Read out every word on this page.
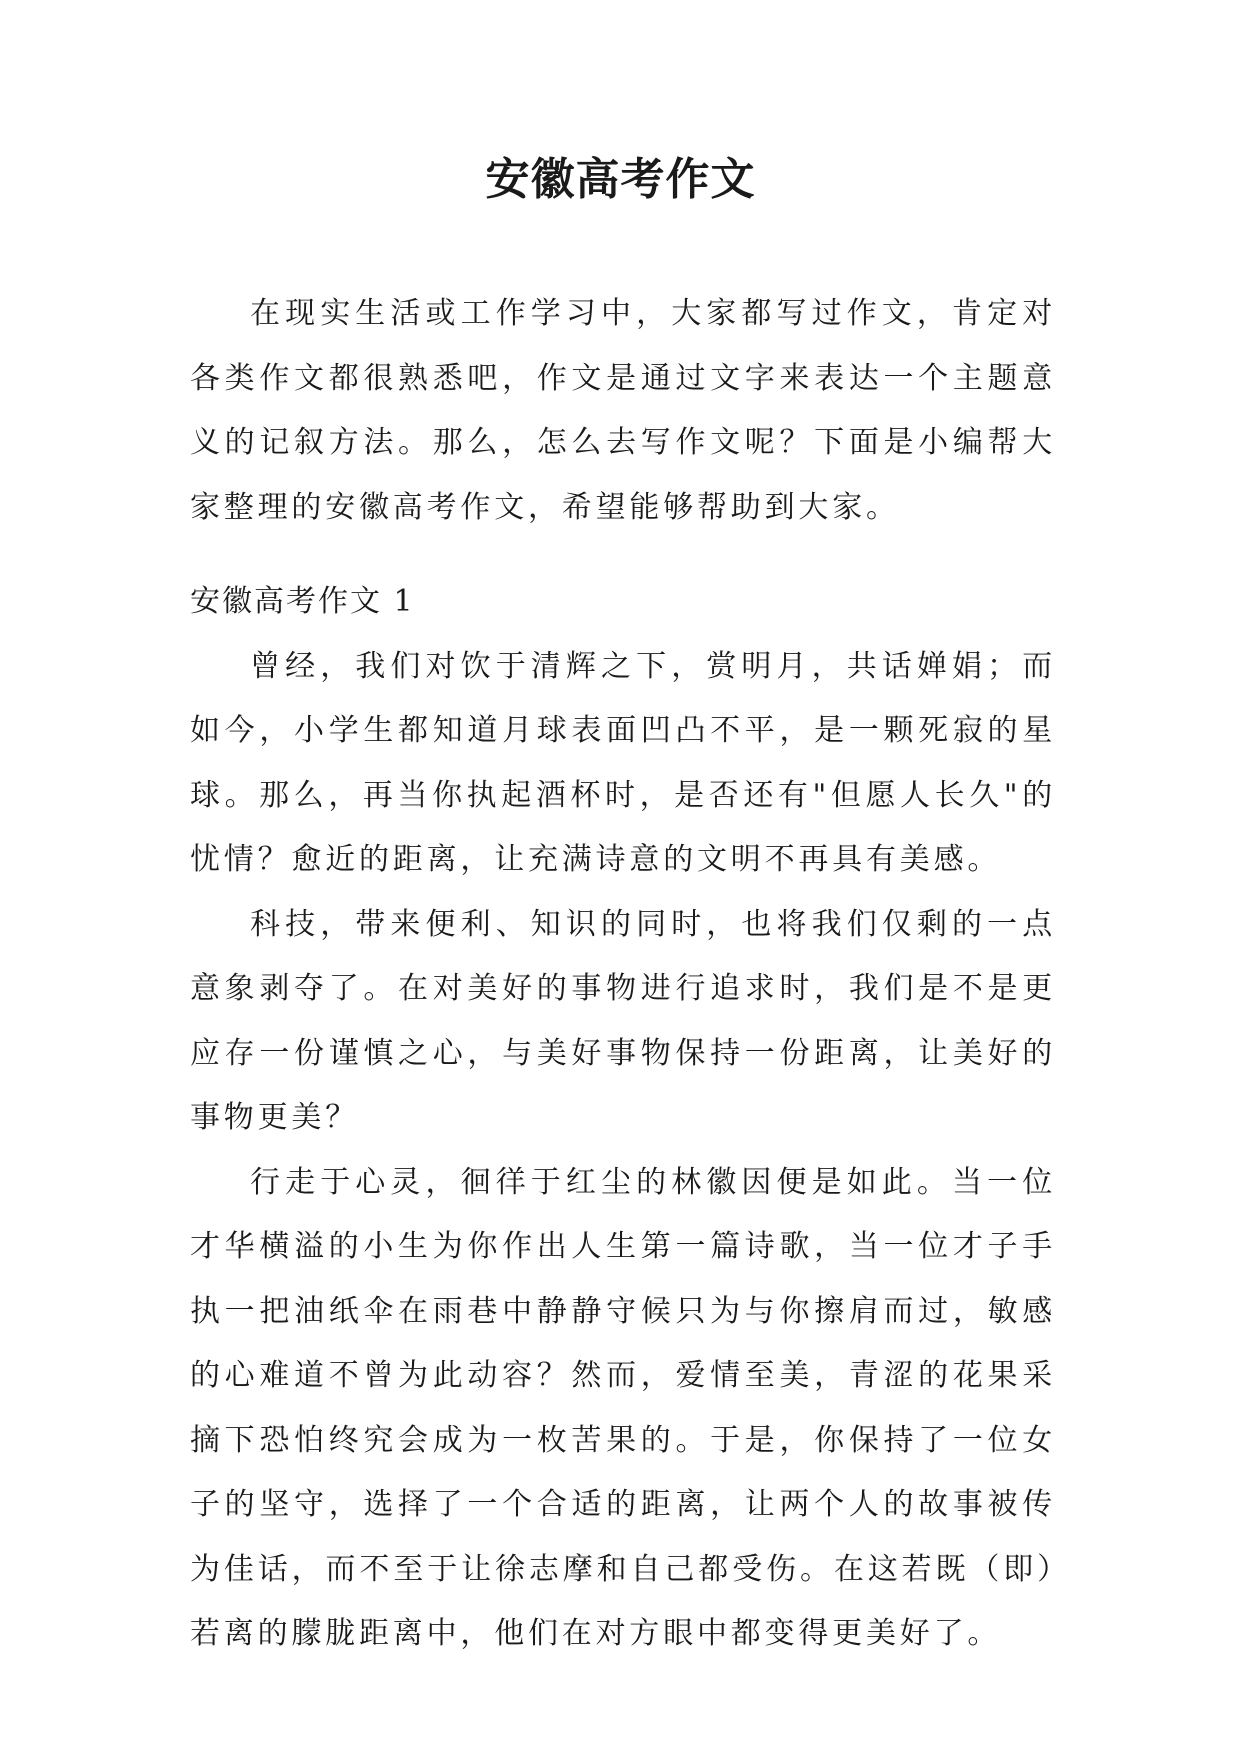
安徽高考作文

在现实生活或工作学习中，大家都写过作文，肯定对各类作文都很熟悉吧，作文是通过文字来表达一个主题意义的记叙方法。那么，怎么去写作文呢？下面是小编帮大家整理的安徽高考作文，希望能够帮助到大家。

安徽高考作文 1

曾经，我们对饮于清辉之下，赏明月，共话婵娟；而如今，小学生都知道月球表面凹凸不平，是一颗死寂的星球。那么，再当你执起酒杯时，是否还有"但愿人长久"的忧情？愈近的距离，让充满诗意的文明不再具有美感。

科技，带来便利、知识的同时，也将我们仅剩的一点意象剥夺了。在对美好的事物进行追求时，我们是不是更应存一份谨慎之心，与美好事物保持一份距离，让美好的事物更美？

行走于心灵，徊徉于红尘的林徽因便是如此。当一位才华横溢的小生为你作出人生第一篇诗歌，当一位才子手执一把油纸伞在雨巷中静静守候只为与你擦肩而过，敏感的心难道不曾为此动容？然而，爱情至美，青涩的花果采摘下恐怕终究会成为一枚苦果的。于是，你保持了一位女子的坚守，选择了一个合适的距离，让两个人的故事被传为佳话，而不至于让徐志摩和自己都受伤。在这若既（即）若离的朦胧距离中，他们在对方眼中都变得更美好了。
